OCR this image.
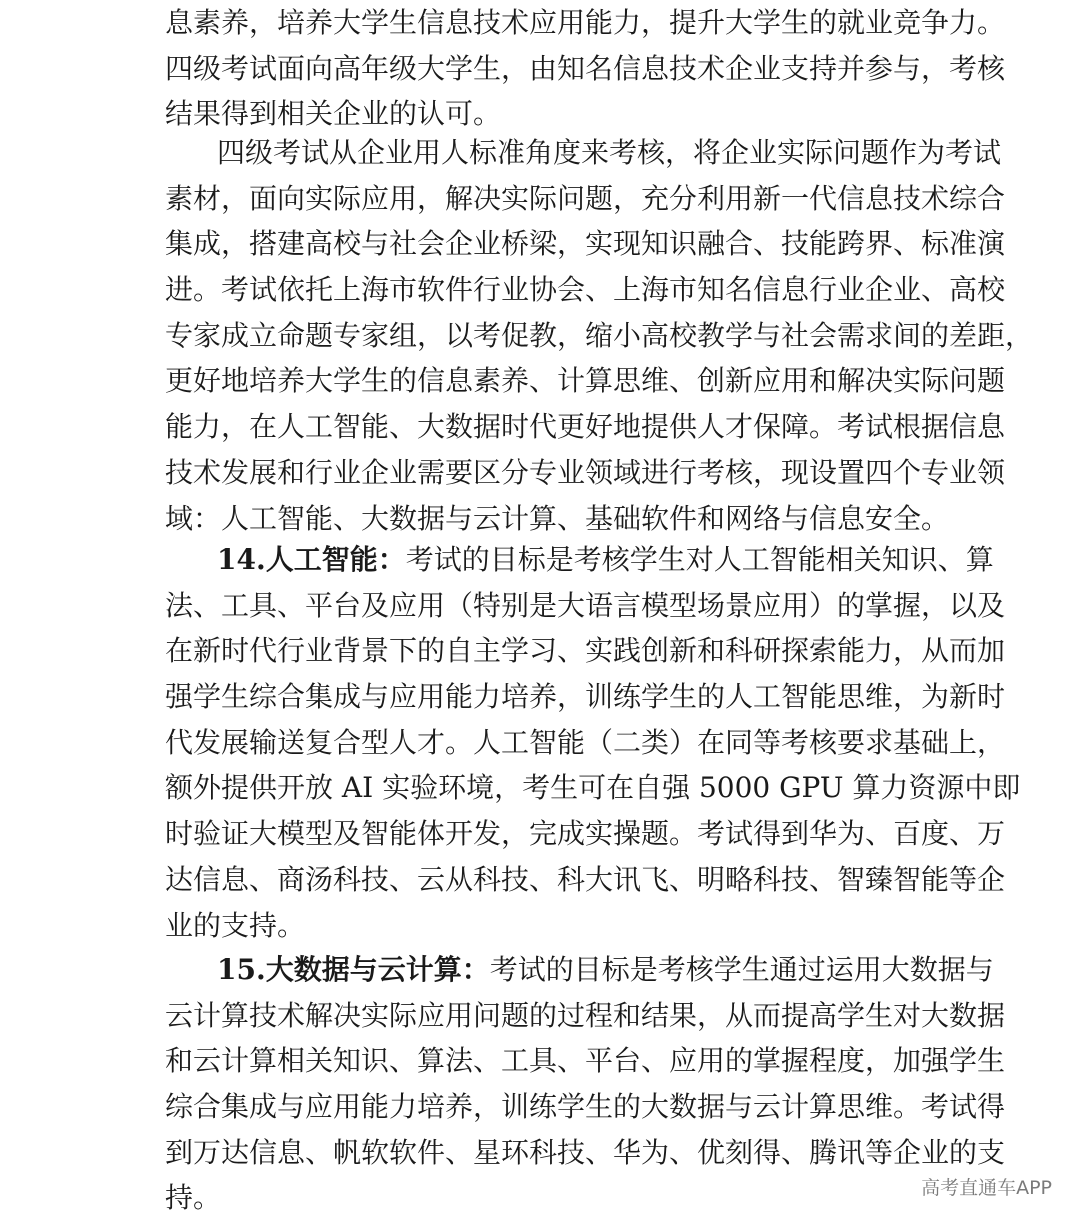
息素养，培养大学生信息技术应用能力，提升大学生的就业竞争力。
四级考试面向高年级大学生，由知名信息技术企业支持并参与，考核
结果得到相关企业的认可。
四级考试从企业用人标准角度来考核，将企业实际问题作为考试
素材，面向实际应用，解决实际问题，充分利用新一代信息技术综合
集成，搭建高校与社会企业桥梁，实现知识融合、技能跨界、标准演
进。考试依托上海市软件行业协会、上海市知名信息行业企业、高校
专家成立命题专家组，以考促教，缩小高校教学与社会需求间的差距，
更好地培养大学生的信息素养、计算思维、创新应用和解决实际问题
能力，在人工智能、大数据时代更好地提供人才保障。考试根据信息
技术发展和行业企业需要区分专业领域进行考核，现设置四个专业领
域：人工智能、大数据与云计算、基础软件和网络与信息安全。
14.人工智能：考试的目标是考核学生对人工智能相关知识、算
法、工具、平台及应用（特别是大语言模型场景应用）的掌握，以及
在新时代行业背景下的自主学习、实践创新和科研探索能力，从而加
强学生综合集成与应用能力培养，训练学生的人工智能思维，为新时
代发展输送复合型人才。人工智能（二类）在同等考核要求基础上，
额外提供开放 AI 实验环境，考生可在自强 5000 GPU 算力资源中即
时验证大模型及智能体开发，完成实操题。考试得到华为、百度、万
达信息、商汤科技、云从科技、科大讯飞、明略科技、智臻智能等企
业的支持。
15.大数据与云计算：考试的目标是考核学生通过运用大数据与
云计算技术解决实际应用问题的过程和结果，从而提高学生对大数据
和云计算相关知识、算法、工具、平台、应用的掌握程度，加强学生
综合集成与应用能力培养，训练学生的大数据与云计算思维。考试得
到万达信息、帆软软件、星环科技、华为、优刻得、腾讯等企业的支
持。	高考直通车APP
